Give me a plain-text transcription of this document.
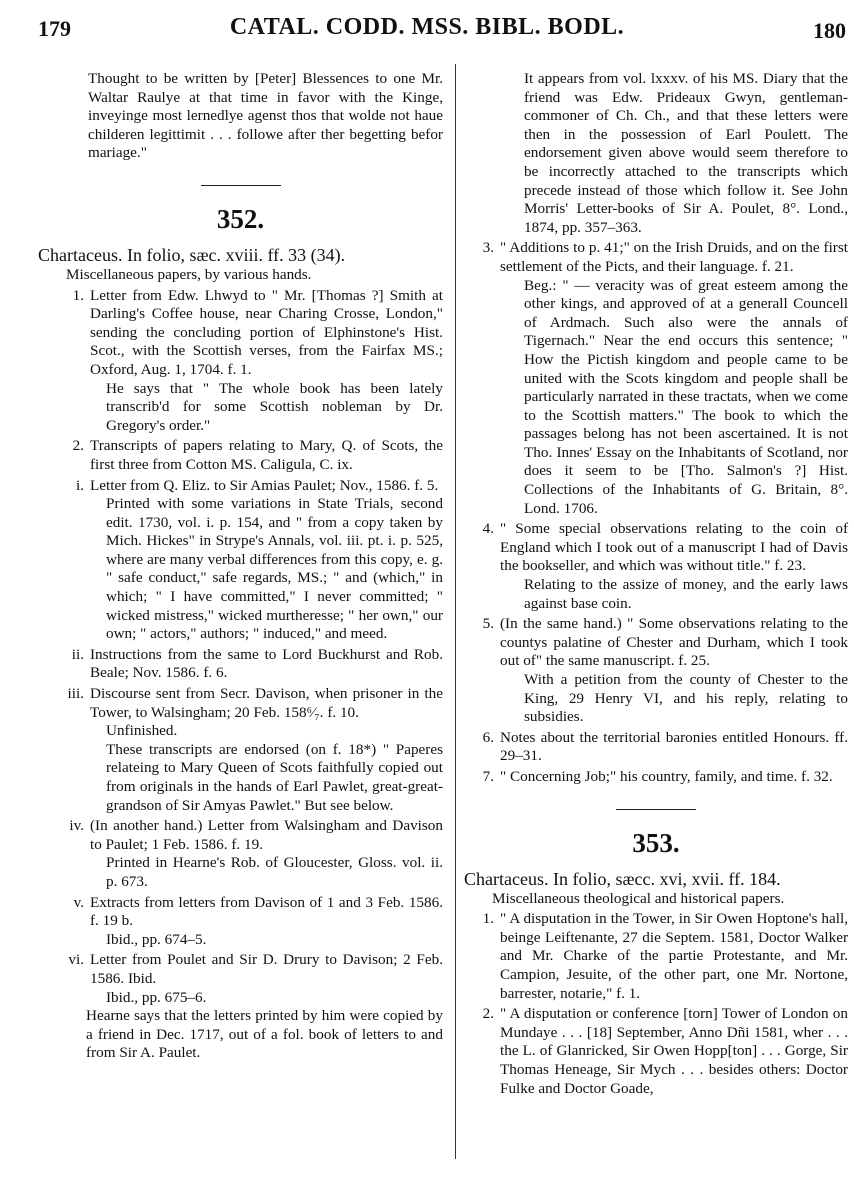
179	CATAL. CODD. MSS. BIBL. BODL.	180

Thought to be written by [Peter] Blessences to one Mr. Waltar Raulye at that time in favor with the Kinge, inveyinge most lernedlye agenst thos that wolde not haue childeren legittimit . . . followe after ther begetting befor mariage."

352.

Chartaceus. In folio, sæc. xviii. ff. 33 (34).

Miscellaneous papers, by various hands.

1. Letter from Edw. Lhwyd to " Mr. [Thomas ?] Smith at Darling's Coffee house, near Charing Crosse, London," sending the concluding portion of Elphinstone's Hist. Scot., with the Scottish verses, from the Fairfax MS.; Oxford, Aug. 1, 1704. f. 1.

He says that " The whole book has been lately transcrib'd for some Scottish nobleman by Dr. Gregory's order."

2. Transcripts of papers relating to Mary, Q. of Scots, the first three from Cotton MS. Caligula, C. ix.
i. Letter from Q. Eliz. to Sir Amias Paulet; Nov., 1586. f. 5.

Printed with some variations in State Trials, second edit. 1730, vol. i. p. 154, and " from a copy taken by Mich. Hickes" in Strype's Annals, vol. iii. pt. i. p. 525, where are many verbal differences from this copy, e. g. " safe conduct," safe regards, MS.; " and (which," in which; " I have committed," I never committed; " wicked mistress," wicked murtheresse; " her own," our own; " actors," authors; " induced," and meed.

ii. Instructions from the same to Lord Buckhurst and Rob. Beale; Nov. 1586. f. 6.
iii. Discourse sent from Secr. Davison, when prisoner in the Tower, to Walsingham; 20 Feb. 158⁶⁄₇. f. 10.

Unfinished.

These transcripts are endorsed (on f. 18*) " Paperes relateing to Mary Queen of Scots faithfully copied out from originals in the hands of Earl Pawlet, great-great-grandson of Sir Amyas Pawlet." But see below.

iv. (In another hand.) Letter from Walsingham and Davison to Paulet; 1 Feb. 1586. f. 19.

Printed in Hearne's Rob. of Gloucester, Gloss. vol. ii. p. 673.

v. Extracts from letters from Davison of 1 and 3 Feb. 1586. f. 19 b.

Ibid., pp. 674–5.

vi. Letter from Poulet and Sir D. Drury to Davison; 2 Feb. 1586. Ibid.

Ibid., pp. 675–6.

Hearne says that the letters printed by him were copied by a friend in Dec. 1717, out of a fol. book of letters to and from Sir A. Paulet.

It appears from vol. lxxxv. of his MS. Diary that the friend was Edw. Prideaux Gwyn, gentleman-commoner of Ch. Ch., and that these letters were then in the possession of Earl Poulett. The endorsement given above would seem therefore to be incorrectly attached to the transcripts which precede instead of those which follow it. See John Morris' Letter-books of Sir A. Poulet, 8°. Lond., 1874, pp. 357–363.

3. " Additions to p. 41;" on the Irish Druids, and on the first settlement of the Picts, and their language. f. 21.

Beg.: " — veracity was of great esteem among the other kings, and approved of at a generall Councell of Ardmach. Such also were the annals of Tigernach." Near the end occurs this sentence; " How the Pictish kingdom and people came to be united with the Scots kingdom and people shall be particularly narrated in these tractats, when we come to the Scottish matters." The book to which the passages belong has not been ascertained. It is not Tho. Innes' Essay on the Inhabitants of Scotland, nor does it seem to be [Tho. Salmon's ?] Hist. Collections of the Inhabitants of G. Britain, 8°. Lond. 1706.

4. " Some special observations relating to the coin of England which I took out of a manuscript I had of Davis the bookseller, and which was without title." f. 23.

Relating to the assize of money, and the early laws against base coin.

5. (In the same hand.) " Some observations relating to the countys palatine of Chester and Durham, which I took out of" the same manuscript. f. 25.

With a petition from the county of Chester to the King, 29 Henry VI, and his reply, relating to subsidies.

6. Notes about the territorial baronies entitled Honours. ff. 29–31.
7. " Concerning Job;" his country, family, and time. f. 32.

353.

Chartaceus. In folio, sæcc. xvi, xvii. ff. 184.

Miscellaneous theological and historical papers.

1. " A disputation in the Tower, in Sir Owen Hoptone's hall, beinge Leiftenante, 27 die Septem. 1581, Doctor Walker and Mr. Charke of the partie Protestante, and Mr. Campion, Jesuite, of the other part, one Mr. Nortone, barrester, notarie," f. 1.
2. " A disputation or conference [torn] Tower of London on Mundaye . . . [18] September, Anno Dñi 1581, wher . . . the L. of Glanricked, Sir Owen Hopp[ton] . . . Gorge, Sir Thomas Heneage, Sir Mych . . . besides others: Doctor Fulke and Doctor Goade,
